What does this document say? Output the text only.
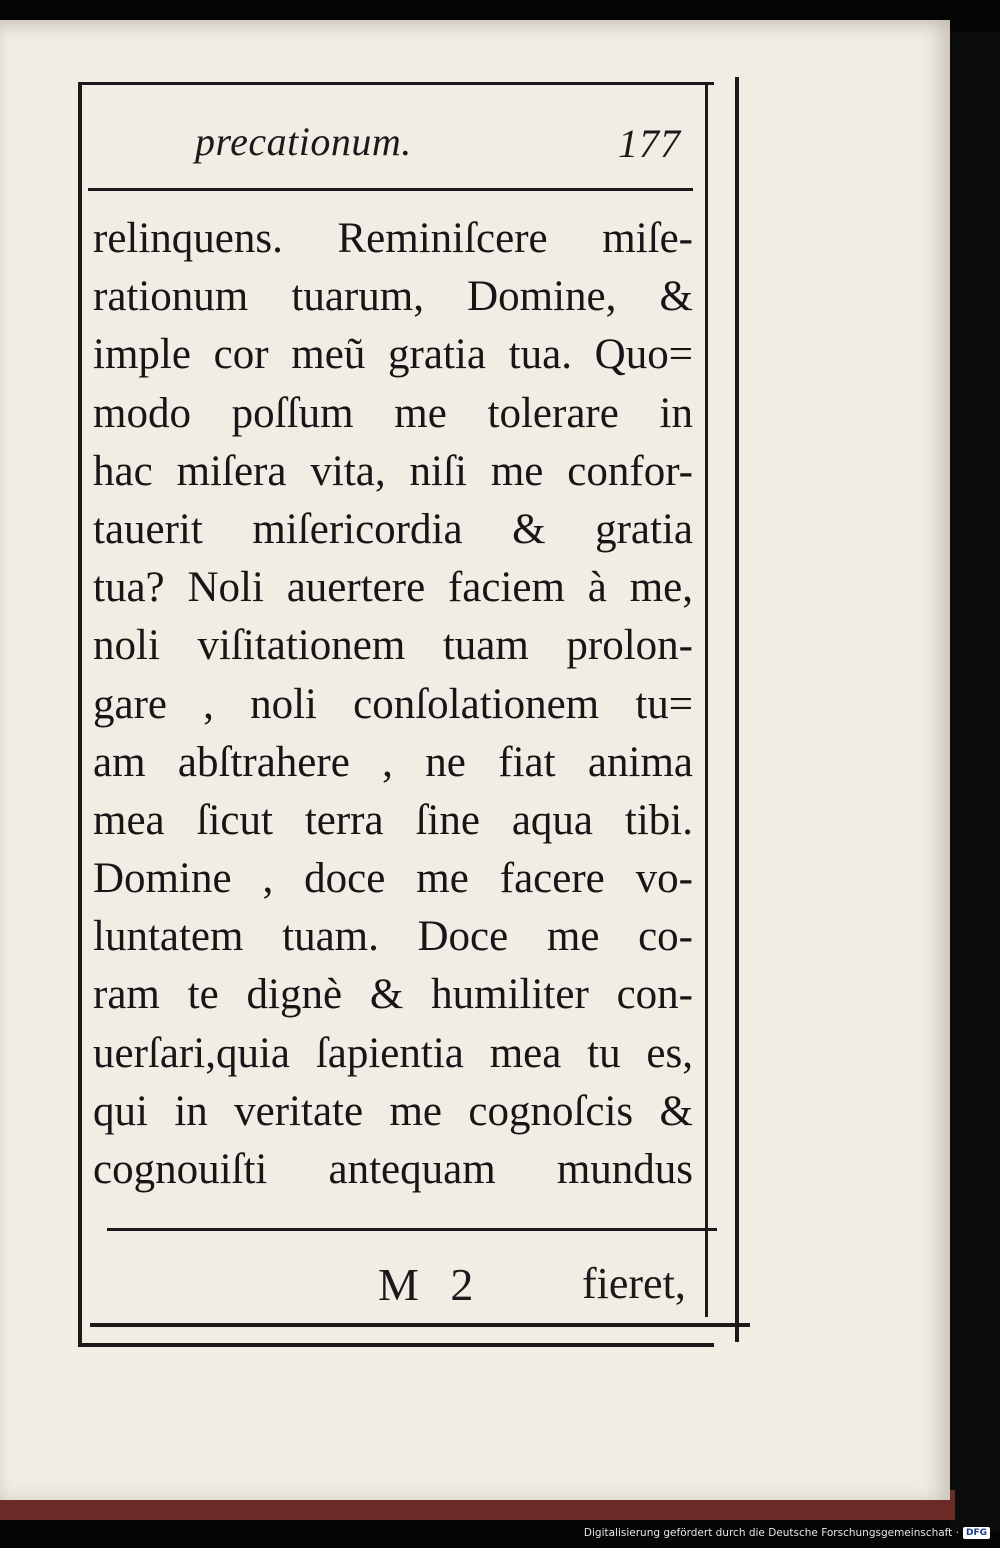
precationum.	177
relinquens. Reminiſcere miſe-
rationum tuarum, Domine, &
imple cor meũ gratia tua. Quo=
modo poſſum me tolerare in
hac miſera vita, niſi me confor-
tauerit miſericordia & gratia
tua? Noli auertere faciem à me,
noli viſitationem tuam prolon-
gare , noli conſolationem tu=
am abſtrahere , ne fiat anima
mea ſicut terra ſine aqua tibi.
Domine , doce me facere vo-
luntatem tuam. Doce me co-
ram te dignè & humiliter con-
uerſari,quia ſapientia mea tu es,
qui in veritate me cognoſcis &
cognouiſti antequam mundus
M 2 fieret,
Digitalisierung gefördert durch die Deutsche Forschungsgemeinschaft · DFG
